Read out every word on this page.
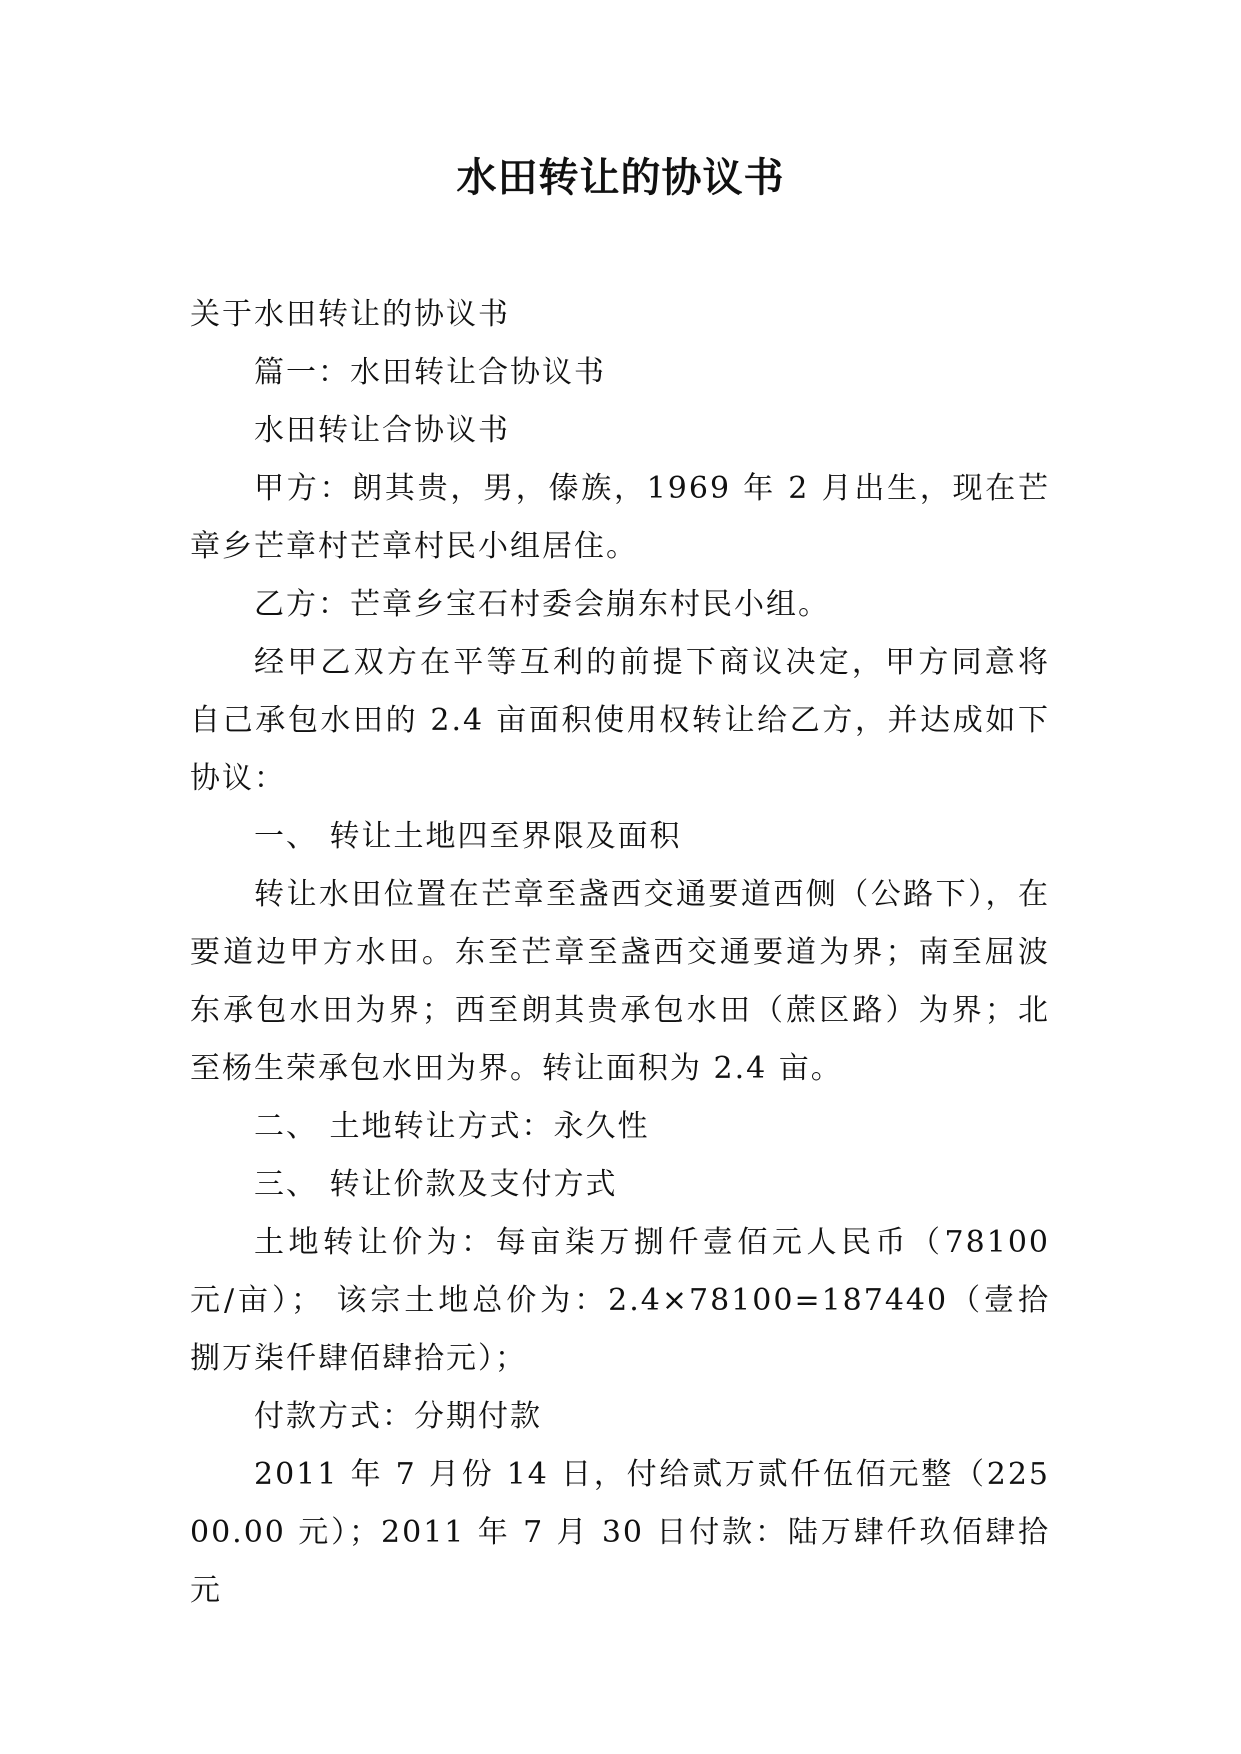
水田转让的协议书

关于水田转让的协议书

篇一：水田转让合协议书

水田转让合协议书

甲方：朗其贵，男，傣族，1969 年 2 月出生，现在芒章乡芒章村芒章村民小组居住。

乙方：芒章乡宝石村委会崩东村民小组。

经甲乙双方在平等互利的前提下商议决定，甲方同意将自己承包水田的 2.4 亩面积使用权转让给乙方，并达成如下协议：

一、 转让土地四至界限及面积

转让水田位置在芒章至盏西交通要道西侧（公路下），在要道边甲方水田。东至芒章至盏西交通要道为界；南至屈波东承包水田为界；西至朗其贵承包水田（蔗区路）为界；北至杨生荣承包水田为界。转让面积为 2.4 亩。

二、 土地转让方式：永久性

三、 转让价款及支付方式

土地转让价为：每亩柒万捌仟壹佰元人民币（78100 元/亩）； 该宗土地总价为：2.4×78100=187440（壹拾捌万柒仟肆佰肆拾元）；

付款方式：分期付款

2011 年 7 月份 14 日，付给贰万贰仟伍佰元整（22500.00 元）；2011 年 7 月 30 日付款：陆万肆仟玖佰肆拾元
